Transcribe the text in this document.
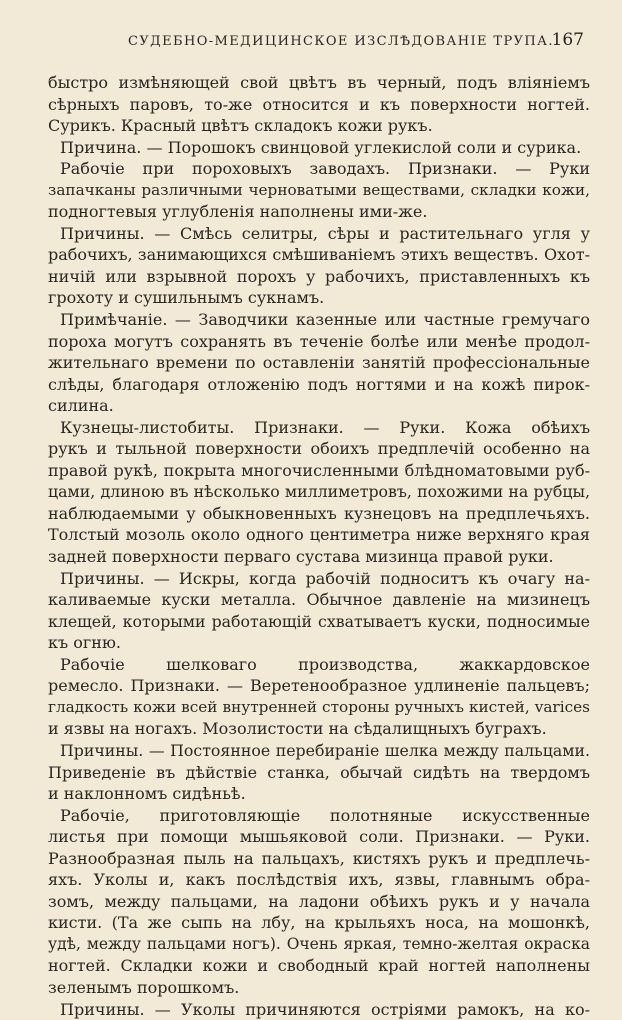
СУДЕБНО-МЕДИЦИНСКОЕ ИЗСЛѢДОВАНІЕ ТРУПА.
167
быстро измѣняющей свой цвѣтъ въ черный, подъ вліяніемъ
сѣрныхъ паровъ, то-же относится и къ поверхности ногтей.
Сурикъ. Красный цвѣтъ складокъ кожи рукъ.
Причина. — Порошокъ свинцовой углекислой соли и сурика.
Рабочіе при пороховыхъ заводахъ. Признаки. — Руки
запачканы различными черноватыми веществами, складки кожи,
подногтевыя углубленія наполнены ими-же.
Причины. — Смѣсь селитры, сѣры и растительнаго угля у
рабочихъ, занимающихся смѣшиваніемъ этихъ веществъ. Охот-
ничій или взрывной порохъ у рабочихъ, приставленныхъ къ
грохоту и сушильнымъ сукнамъ.
Примѣчаніе. — Заводчики казенные или частные гремучаго
пороха могутъ сохранять въ теченіе болѣе или менѣе продол-
жительнаго времени по оставленіи занятій профессіональные
слѣды, благодаря отложенію подъ ногтями и на кожѣ пирок-
силина.
Кузнецы-листобиты. Признаки. — Руки. Кожа обѣихъ
рукъ и тыльной поверхности обоихъ предплечій особенно на
правой рукѣ, покрыта многочисленными блѣдноматовыми руб-
цами, длиною въ нѣсколько миллиметровъ, похожими на рубцы,
наблюдаемыми у обыкновенныхъ кузнецовъ на предплечьяхъ.
Толстый мозоль около одного центиметра ниже верхняго края
задней поверхности перваго сустава мизинца правой руки.
Причины. — Искры, когда рабочій подноситъ къ очагу на-
каливаемые куски металла. Обычное давленіе на мизинецъ
клещей, которыми работающій схватываетъ куски, подносимые
къ огню.
Рабочіе шелковаго производства, жаккардовское
ремесло. Признаки. — Веретенообразное удлиненіе пальцевъ;
гладкость кожи всей внутренней стороны ручныхъ кистей, varices
и язвы на ногахъ. Мозолистости на сѣдалищныхъ буграхъ.
Причины. — Постоянное перебираніе шелка между пальцами.
Приведеніе въ дѣйствіе станка, обычай сидѣть на твердомъ
и наклонномъ сидѣньѣ.
Рабочіе, приготовляющіе полотняные искусственные
листья при помощи мышьяковой соли. Признаки. — Руки.
Разнообразная пыль на пальцахъ, кистяхъ рукъ и предплечь-
яхъ. Уколы и, какъ послѣдствія ихъ, язвы, главнымъ обра-
зомъ, между пальцами, на ладони обѣихъ рукъ и у начала
кисти. (Та же сыпь на лбу, на крыльяхъ носа, на мошонкѣ,
удѣ, между пальцами ногъ). Очень яркая, темно-желтая окраска
ногтей. Складки кожи и свободный край ногтей наполнены
зеленымъ порошкомъ.
Причины. — Уколы причиняются остріями рамокъ, на ко-
